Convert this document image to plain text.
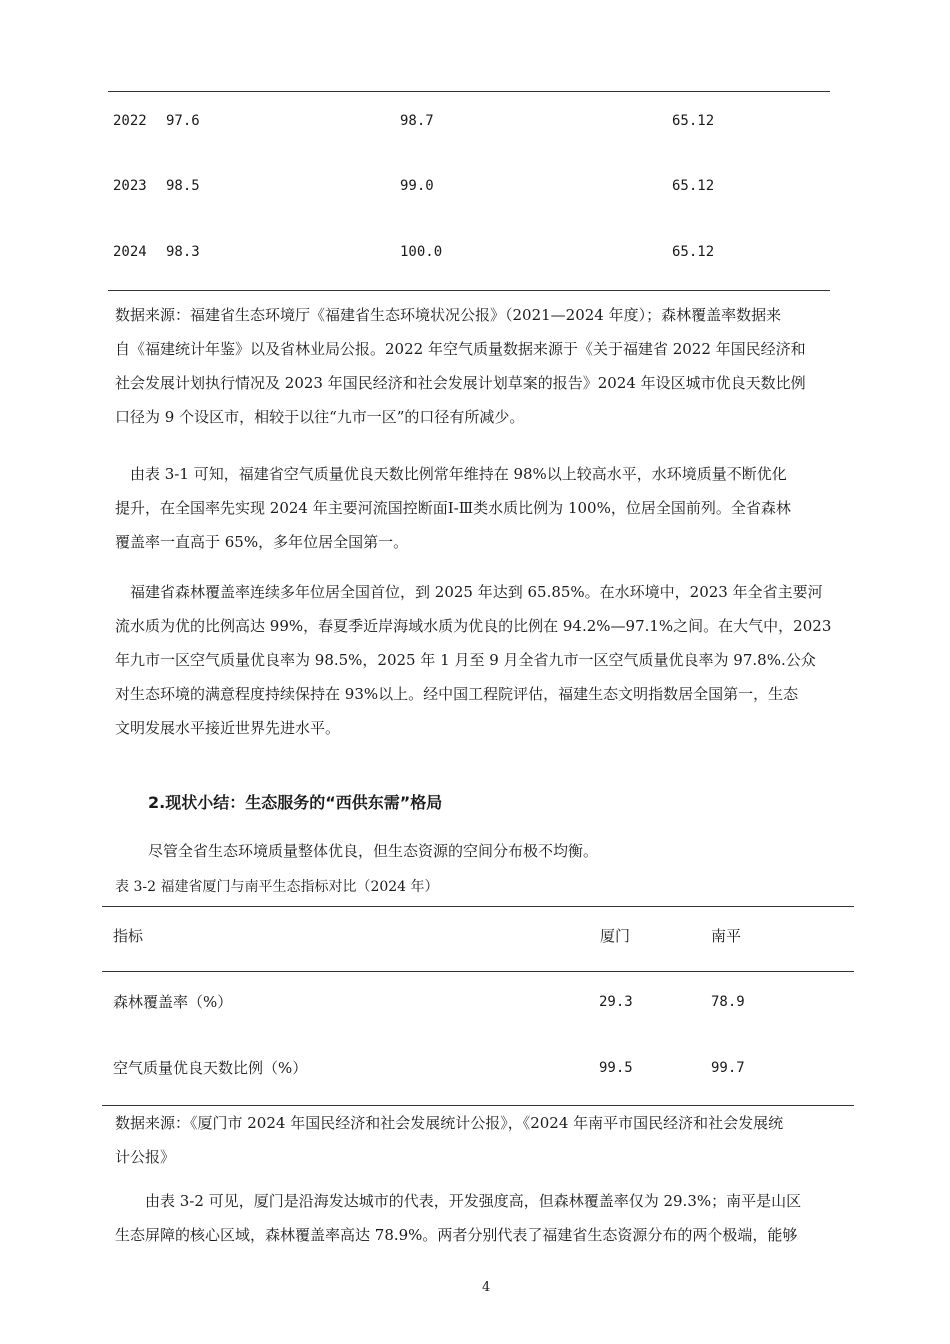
2022 97.6	98.7	65.12
2023 98.5	99.0	65.12
2024 98.3	100.0	65.12
数据来源：福建省生态环境厅《福建省生态环境状况公报》（2021—2024 年度）；森林覆盖率数据来
自《福建统计年鉴》以及省林业局公报。2022 年空气质量数据来源于《关于福建省 2022 年国民经济和
社会发展计划执行情况及 2023 年国民经济和社会发展计划草案的报告》2024 年设区城市优良天数比例
口径为 9 个设区市，相较于以往“九市一区”的口径有所减少。
由表 3-1 可知，福建省空气质量优良天数比例常年维持在 98%以上较高水平，水环境质量不断优化
提升，在全国率先实现 2024 年主要河流国控断面Ⅰ-Ⅲ类水质比例为 100%，位居全国前列。全省森林
覆盖率一直高于 65%，多年位居全国第一。
福建省森林覆盖率连续多年位居全国首位，到 2025 年达到 65.85%。在水环境中，2023 年全省主要河
流水质为优的比例高达 99%，春夏季近岸海域水质为优良的比例在 94.2%—97.1%之间。在大气中，2023
年九市一区空气质量优良率为 98.5%，2025 年 1 月至 9 月全省九市一区空气质量优良率为 97.8%.公众
对生态环境的满意程度持续保持在 93%以上。经中国工程院评估，福建生态文明指数居全国第一，生态
文明发展水平接近世界先进水平。
2.现状小结：生态服务的“西供东需”格局
尽管全省生态环境质量整体优良，但生态资源的空间分布极不均衡。
表 3-2 福建省厦门与南平生态指标对比（2024 年）
指标	厦门	南平
森林覆盖率（%）	29.3	78.9
空气质量优良天数比例（%）	99.5	99.7
数据来源：《厦门市 2024 年国民经济和社会发展统计公报》，《2024 年南平市国民经济和社会发展统
计公报》
由表 3-2 可见，厦门是沿海发达城市的代表，开发强度高，但森林覆盖率仅为 29.3%；南平是山区
生态屏障的核心区域，森林覆盖率高达 78.9%。两者分别代表了福建省生态资源分布的两个极端，能够
4
